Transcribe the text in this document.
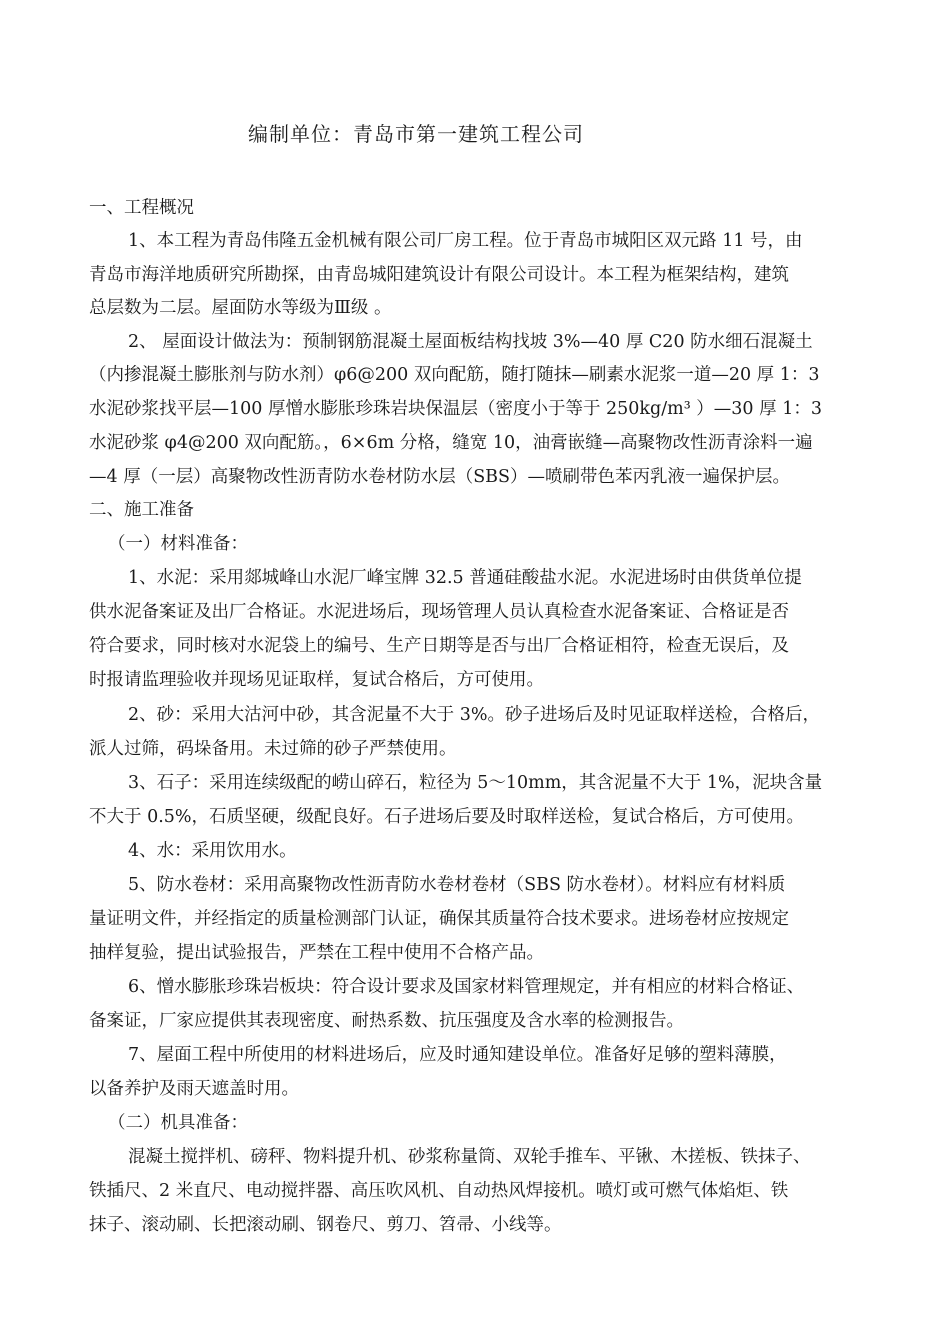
编制单位：青岛市第一建筑工程公司
一、工程概况
1、本工程为青岛伟隆五金机械有限公司厂房工程。位于青岛市城阳区双元路 11 号，由
青岛市海洋地质研究所勘探，由青岛城阳建筑设计有限公司设计。本工程为框架结构，建筑
总层数为二层。屋面防水等级为Ⅲ级 。
2、 屋面设计做法为：预制钢筋混凝土屋面板结构找坡 3%—40 厚 C20 防水细石混凝土
（内掺混凝土膨胀剂与防水剂）φ6@200 双向配筋，随打随抹—刷素水泥浆一道—20 厚 1：3
水泥砂浆找平层—100 厚憎水膨胀珍珠岩块保温层（密度小于等于 250kg/m³ ）—30 厚 1：3
水泥砂浆 φ4@200 双向配筋。，6×6m 分格，缝宽 10，油膏嵌缝—高聚物改性沥青涂料一遍
—4 厚（一层）高聚物改性沥青防水卷材防水层（SBS）—喷刷带色苯丙乳液一遍保护层。
二、施工准备
（一）材料准备：
1、水泥：采用郯城峰山水泥厂峰宝牌 32.5 普通硅酸盐水泥。水泥进场时由供货单位提
供水泥备案证及出厂合格证。水泥进场后，现场管理人员认真检查水泥备案证、合格证是否
符合要求，同时核对水泥袋上的编号、生产日期等是否与出厂合格证相符，检查无误后，及
时报请监理验收并现场见证取样，复试合格后，方可使用。
2、砂：采用大沽河中砂，其含泥量不大于 3%。砂子进场后及时见证取样送检，合格后，
派人过筛，码垛备用。未过筛的砂子严禁使用。
3、石子：采用连续级配的崂山碎石，粒径为 5～10mm，其含泥量不大于 1%，泥块含量
不大于 0.5%，石质坚硬，级配良好。石子进场后要及时取样送检，复试合格后，方可使用。
4、水：采用饮用水。
5、防水卷材：采用高聚物改性沥青防水卷材卷材（SBS 防水卷材）。材料应有材料质
量证明文件，并经指定的质量检测部门认证，确保其质量符合技术要求。进场卷材应按规定
抽样复验，提出试验报告，严禁在工程中使用不合格产品。
6、憎水膨胀珍珠岩板块：符合设计要求及国家材料管理规定，并有相应的材料合格证、
备案证，厂家应提供其表现密度、耐热系数、抗压强度及含水率的检测报告。
7、屋面工程中所使用的材料进场后，应及时通知建设单位。准备好足够的塑料薄膜，
以备养护及雨天遮盖时用。
（二）机具准备：
混凝土搅拌机、磅秤、物料提升机、砂浆称量筒、双轮手推车、平锹、木搓板、铁抹子、
铁插尺、2 米直尺、电动搅拌器、高压吹风机、自动热风焊接机。喷灯或可燃气体焰炬、铁
抹子、滚动刷、长把滚动刷、钢卷尺、剪刀、笤帚、小线等。
